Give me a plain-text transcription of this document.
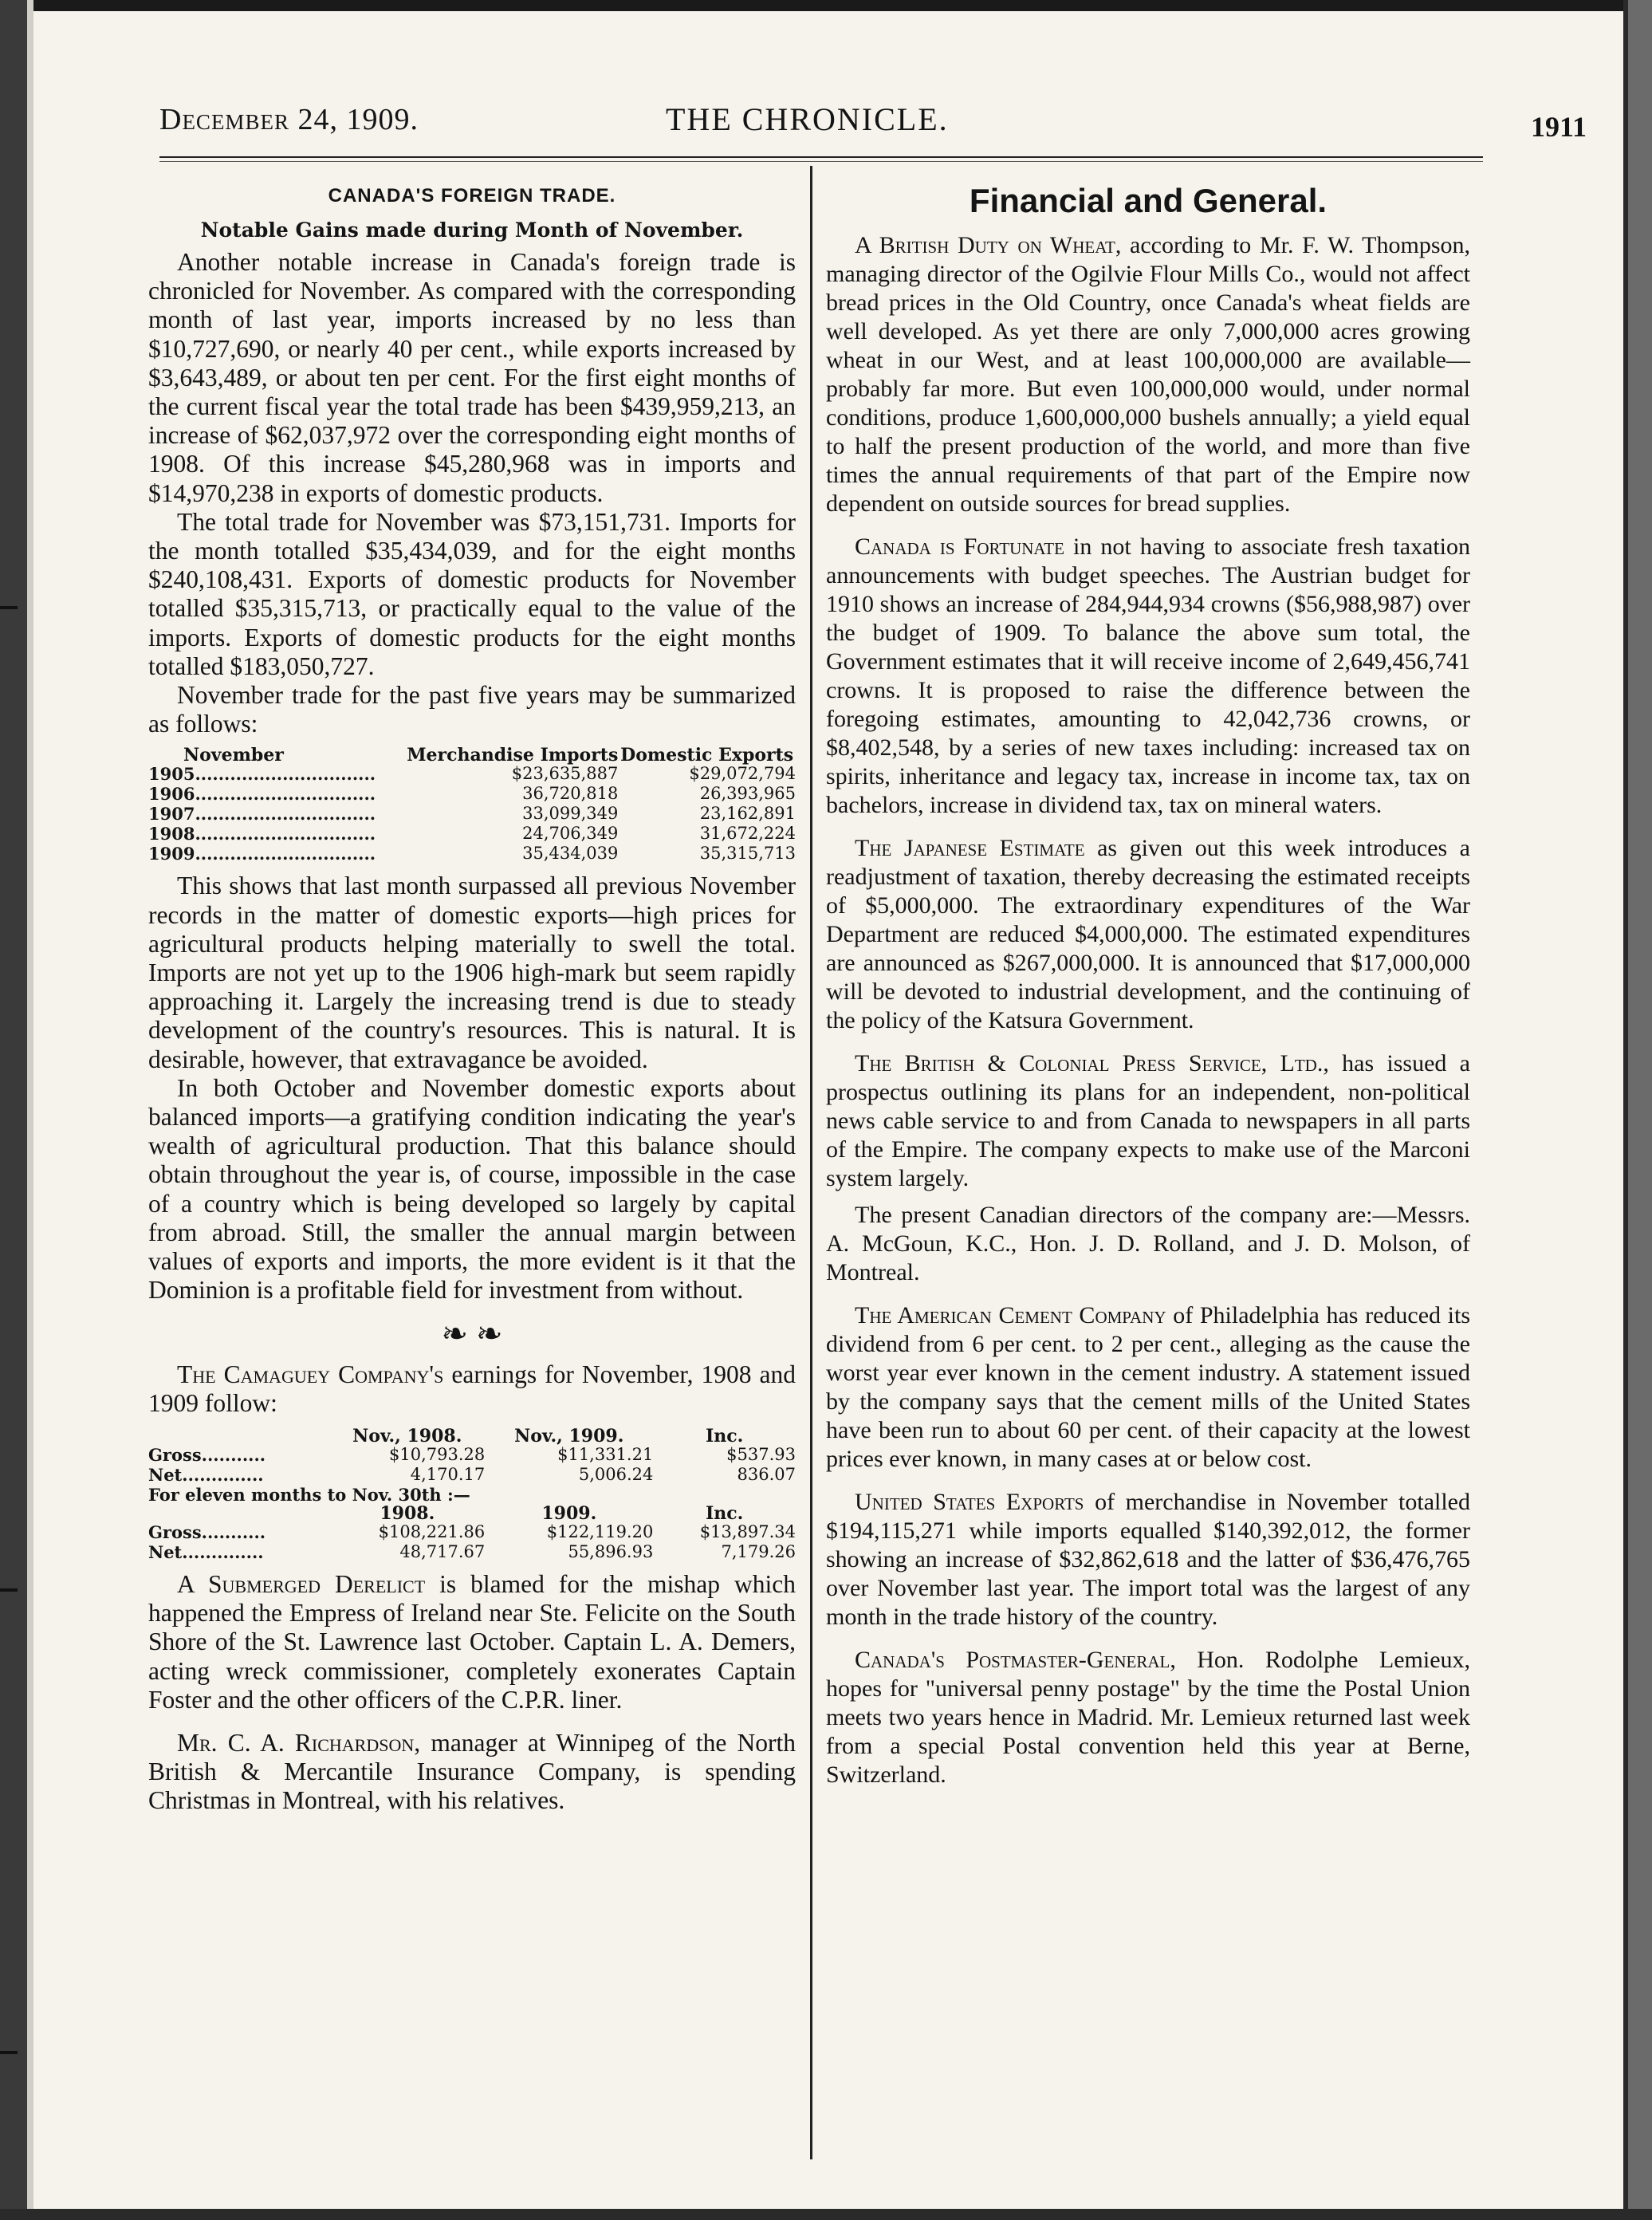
December 24, 1909.	THE CHRONICLE.	1911
CANADA'S FOREIGN TRADE.
Notable Gains made during Month of November.

Another notable increase in Canada's foreign trade is chronicled for November. As compared with the corresponding month of last year, imports increased by no less than $10,727,690, or nearly 40 per cent., while exports increased by $3,643,489, or about ten per cent. For the first eight months of the current fiscal year the total trade has been $439,959,213, an increase of $62,037,972 over the corresponding eight months of 1908. Of this increase $45,280,968 was in imports and $14,970,238 in exports of domestic products.

The total trade for November was $73,151,731. Imports for the month totalled $35,434,039, and for the eight months $240,108,431. Exports of domestic products for November totalled $35,315,713, or practically equal to the value of the imports. Exports of domestic products for the eight months totalled $183,050,727.

November trade for the past five years may be summarized as follows:

November	Merchandise Imports	Domestic Exports
1905...............................	$23,635,887	$29,072,794
1906...............................	36,720,818	26,393,965
1907...............................	33,099,349	23,162,891
1908...............................	24,706,349	31,672,224
1909...............................	35,434,039	35,315,713

This shows that last month surpassed all previous November records in the matter of domestic exports—high prices for agricultural products helping materially to swell the total. Imports are not yet up to the 1906 high-mark but seem rapidly approaching it. Largely the increasing trend is due to steady development of the country's resources. This is natural. It is desirable, however, that extravagance be avoided.

In both October and November domestic exports about balanced imports—a gratifying condition indicating the year's wealth of agricultural production. That this balance should obtain throughout the year is, of course, impossible in the case of a country which is being developed so largely by capital from abroad. Still, the smaller the annual margin between values of exports and imports, the more evident is it that the Dominion is a profitable field for investment from without.

❧ ❧

The Camaguey Company's earnings for November, 1908 and 1909 follow:

	Nov., 1908.	Nov., 1909.	Inc.
Gross...........	$10,793.28	$11,331.21	$537.93
Net..............	4,170.17	5,006.24	836.07
For eleven months to Nov. 30th :—			
	1908.	1909.	Inc.
Gross...........	$108,221.86	$122,119.20	$13,897.34
Net..............	48,717.67	55,896.93	7,179.26

A Submerged Derelict is blamed for the mishap which happened the Empress of Ireland near Ste. Felicite on the South Shore of the St. Lawrence last October. Captain L. A. Demers, acting wreck commissioner, completely exonerates Captain Foster and the other officers of the C.P.R. liner.

Mr. C. A. Richardson, manager at Winnipeg of the North British & Mercantile Insurance Company, is spending Christmas in Montreal, with his relatives.

Financial and General.

A British Duty on Wheat, according to Mr. F. W. Thompson, managing director of the Ogilvie Flour Mills Co., would not affect bread prices in the Old Country, once Canada's wheat fields are well developed. As yet there are only 7,000,000 acres growing wheat in our West, and at least 100,000,000 are available—probably far more. But even 100,000,000 would, under normal conditions, produce 1,600,000,000 bushels annually; a yield equal to half the present production of the world, and more than five times the annual requirements of that part of the Empire now dependent on outside sources for bread supplies.

Canada is Fortunate in not having to associate fresh taxation announcements with budget speeches. The Austrian budget for 1910 shows an increase of 284,944,934 crowns ($56,988,987) over the budget of 1909. To balance the above sum total, the Government estimates that it will receive income of 2,649,456,741 crowns. It is proposed to raise the difference between the foregoing estimates, amounting to 42,042,736 crowns, or $8,402,548, by a series of new taxes including: increased tax on spirits, inheritance and legacy tax, increase in income tax, tax on bachelors, increase in dividend tax, tax on mineral waters.

The Japanese Estimate as given out this week introduces a readjustment of taxation, thereby decreasing the estimated receipts of $5,000,000. The extraordinary expenditures of the War Department are reduced $4,000,000. The estimated expenditures are announced as $267,000,000. It is announced that $17,000,000 will be devoted to industrial development, and the continuing of the policy of the Katsura Government.

The British & Colonial Press Service, Ltd., has issued a prospectus outlining its plans for an independent, non-political news cable service to and from Canada to newspapers in all parts of the Empire. The company expects to make use of the Marconi system largely.

The present Canadian directors of the company are:—Messrs. A. McGoun, K.C., Hon. J. D. Rolland, and J. D. Molson, of Montreal.

The American Cement Company of Philadelphia has reduced its dividend from 6 per cent. to 2 per cent., alleging as the cause the worst year ever known in the cement industry. A statement issued by the company says that the cement mills of the United States have been run to about 60 per cent. of their capacity at the lowest prices ever known, in many cases at or below cost.

United States Exports of merchandise in November totalled $194,115,271 while imports equalled $140,392,012, the former showing an increase of $32,862,618 and the latter of $36,476,765 over November last year. The import total was the largest of any month in the trade history of the country.

Canada's Postmaster-General, Hon. Rodolphe Lemieux, hopes for "universal penny postage" by the time the Postal Union meets two years hence in Madrid. Mr. Lemieux returned last week from a special Postal convention held this year at Berne, Switzerland.
